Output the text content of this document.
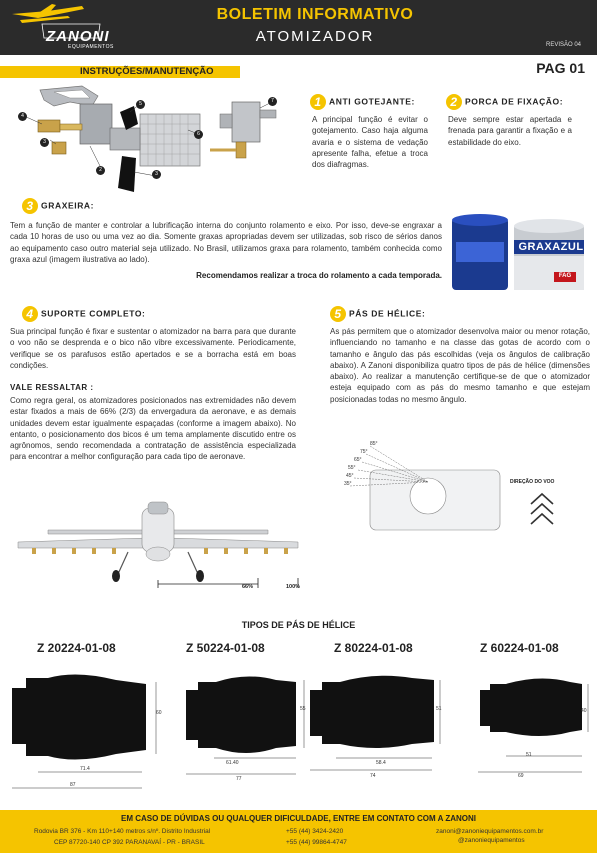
ZANONI
EQUIPAMENTOS
BOLETIM INFORMATIVO
ATOMIZADOR	REVISÃO 04
PAG 01
INSTRUÇÕES/MANUTENÇÃO
4
3
2
5
3
6
7	1 ANTI GOTEJANTE:
A principal função é evitar o gotejamento. Caso haja alguma avaria e o sistema de vedação apresente falha, efetue a troca dos diafragmas.
2 PORCA DE FIXAÇÃO:
Deve sempre estar apertada e frenada para garantir a fixação e a estabilidade do eixo.
3 GRAXEIRA:
Tem a função de manter e controlar a lubrificação interna do conjunto rolamento e eixo. Por isso, deve-se engraxar a cada 10 horas de uso ou uma vez ao dia. Somente graxas apropriadas devem ser utilizadas, sob risco de sérios danos ao equipamento caso outro material seja utilizado. No Brasil, utilizamos graxa para rolamento, também conhecida como graxa azul (imagem ilustrativa ao lado).
Recomendamos realizar a troca do rolamento a cada temporada.
GRAXAZUL
FAG
4 SUPORTE COMPLETO:
Sua principal função é fixar e sustentar o atomizador na barra para que durante o voo não se desprenda e o bico não vibre excessivamente. Periodicamente, verifique se os parafusos estão apertados e se a borracha está em boas condições.
VALE RESSALTAR :
Como regra geral, os atomizadores posicionados nas extremidades não devem estar fixados a mais de 66% (2/3) da envergadura da aeronave, e as demais unidades devem estar igualmente espaçadas (conforme a imagem abaixo). No entanto, o posicionamento dos bicos é um tema amplamente discutido entre os agrônomos, sendo recomendada a contratação de assistência especializada para encontrar a melhor configuração para cada tipo de aeronave.
66%	100%
5 PÁS DE HÉLICE:
As pás permitem que o atomizador desenvolva maior ou menor rotação, influenciando no tamanho e na classe das gotas de acordo com o tamanho e ângulo das pás escolhidas (veja os ângulos de calibração abaixo). A Zanoni disponibiliza quatro tipos de pás de hélice (dimensões abaixo). Ao realizar a manutenção certifique-se de que o atomizador esteja equipado com as pás do mesmo tamanho e que estejam posicionadas todas no mesmo ângulo.
85°
75°
65°
55°
45°
35°	DIREÇÃO DO VOO
TIPOS DE PÁS DE HÉLICE
Z 20224-01-08	Z 50224-01-08	Z 80224-01-08	Z 60224-01-08
60
71.4
87
55
61.40
77
51
58.4
74
40
51
69
EM CASO DE DÚVIDAS OU QUALQUER DIFICULDADE, ENTRE EM CONTATO COM A ZANONI
Rodovia BR 376 - Km 110+140 metros s/nº. Distrito Industrial
CEP 87720-140 CP 392 PARANAVAÍ - PR - BRASIL
+55 (44) 3424-2420
+55 (44) 99864-4747
zanoni@zanoniequipamentos.com.br
@zanoniequipamentos
